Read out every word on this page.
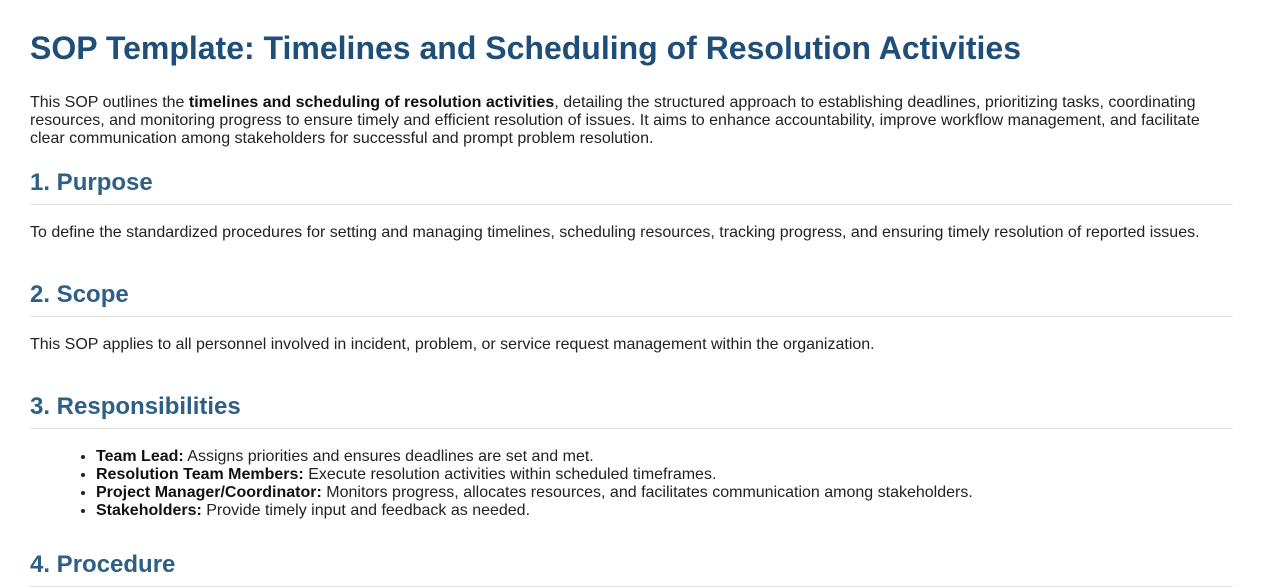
SOP Template: Timelines and Scheduling of Resolution Activities

This SOP outlines the timelines and scheduling of resolution activities, detailing the structured approach to establishing deadlines, prioritizing tasks, coordinating resources, and monitoring progress to ensure timely and efficient resolution of issues. It aims to enhance accountability, improve workflow management, and facilitate clear communication among stakeholders for successful and prompt problem resolution.

1. Purpose

To define the standardized procedures for setting and managing timelines, scheduling resources, tracking progress, and ensuring timely resolution of reported issues.

2. Scope

This SOP applies to all personnel involved in incident, problem, or service request management within the organization.

3. Responsibilities
• Team Lead: Assigns priorities and ensures deadlines are set and met.
• Resolution Team Members: Execute resolution activities within scheduled timeframes.
• Project Manager/Coordinator: Monitors progress, allocates resources, and facilitates communication among stakeholders.
• Stakeholders: Provide timely input and feedback as needed.
4. Procedure
